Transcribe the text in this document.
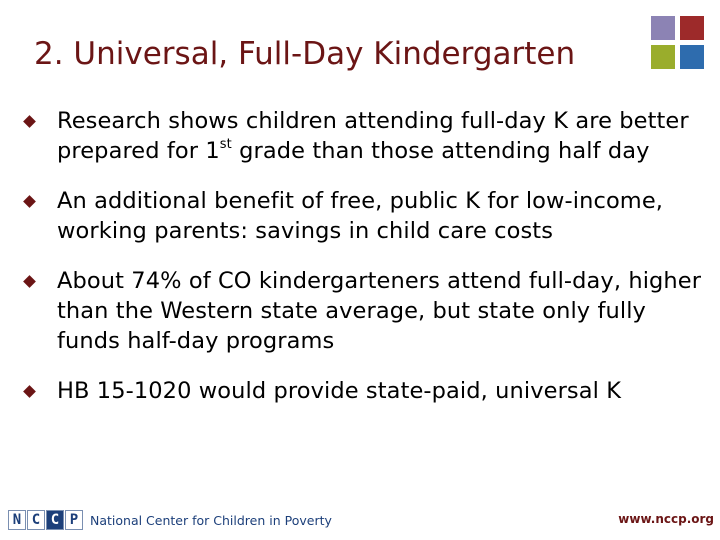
2. Universal, Full-Day Kindergarten
Research shows children attending full-day K are better prepared for 1st grade than those attending half day
An additional benefit of free, public K for low-income, working parents: savings in child care costs
About 74% of CO kindergarteners attend full-day, higher than the Western state average, but state only fully funds half-day programs
HB 15-1020 would provide state-paid, universal K
N C C P National Center for Children in Poverty	www.nccp.org
